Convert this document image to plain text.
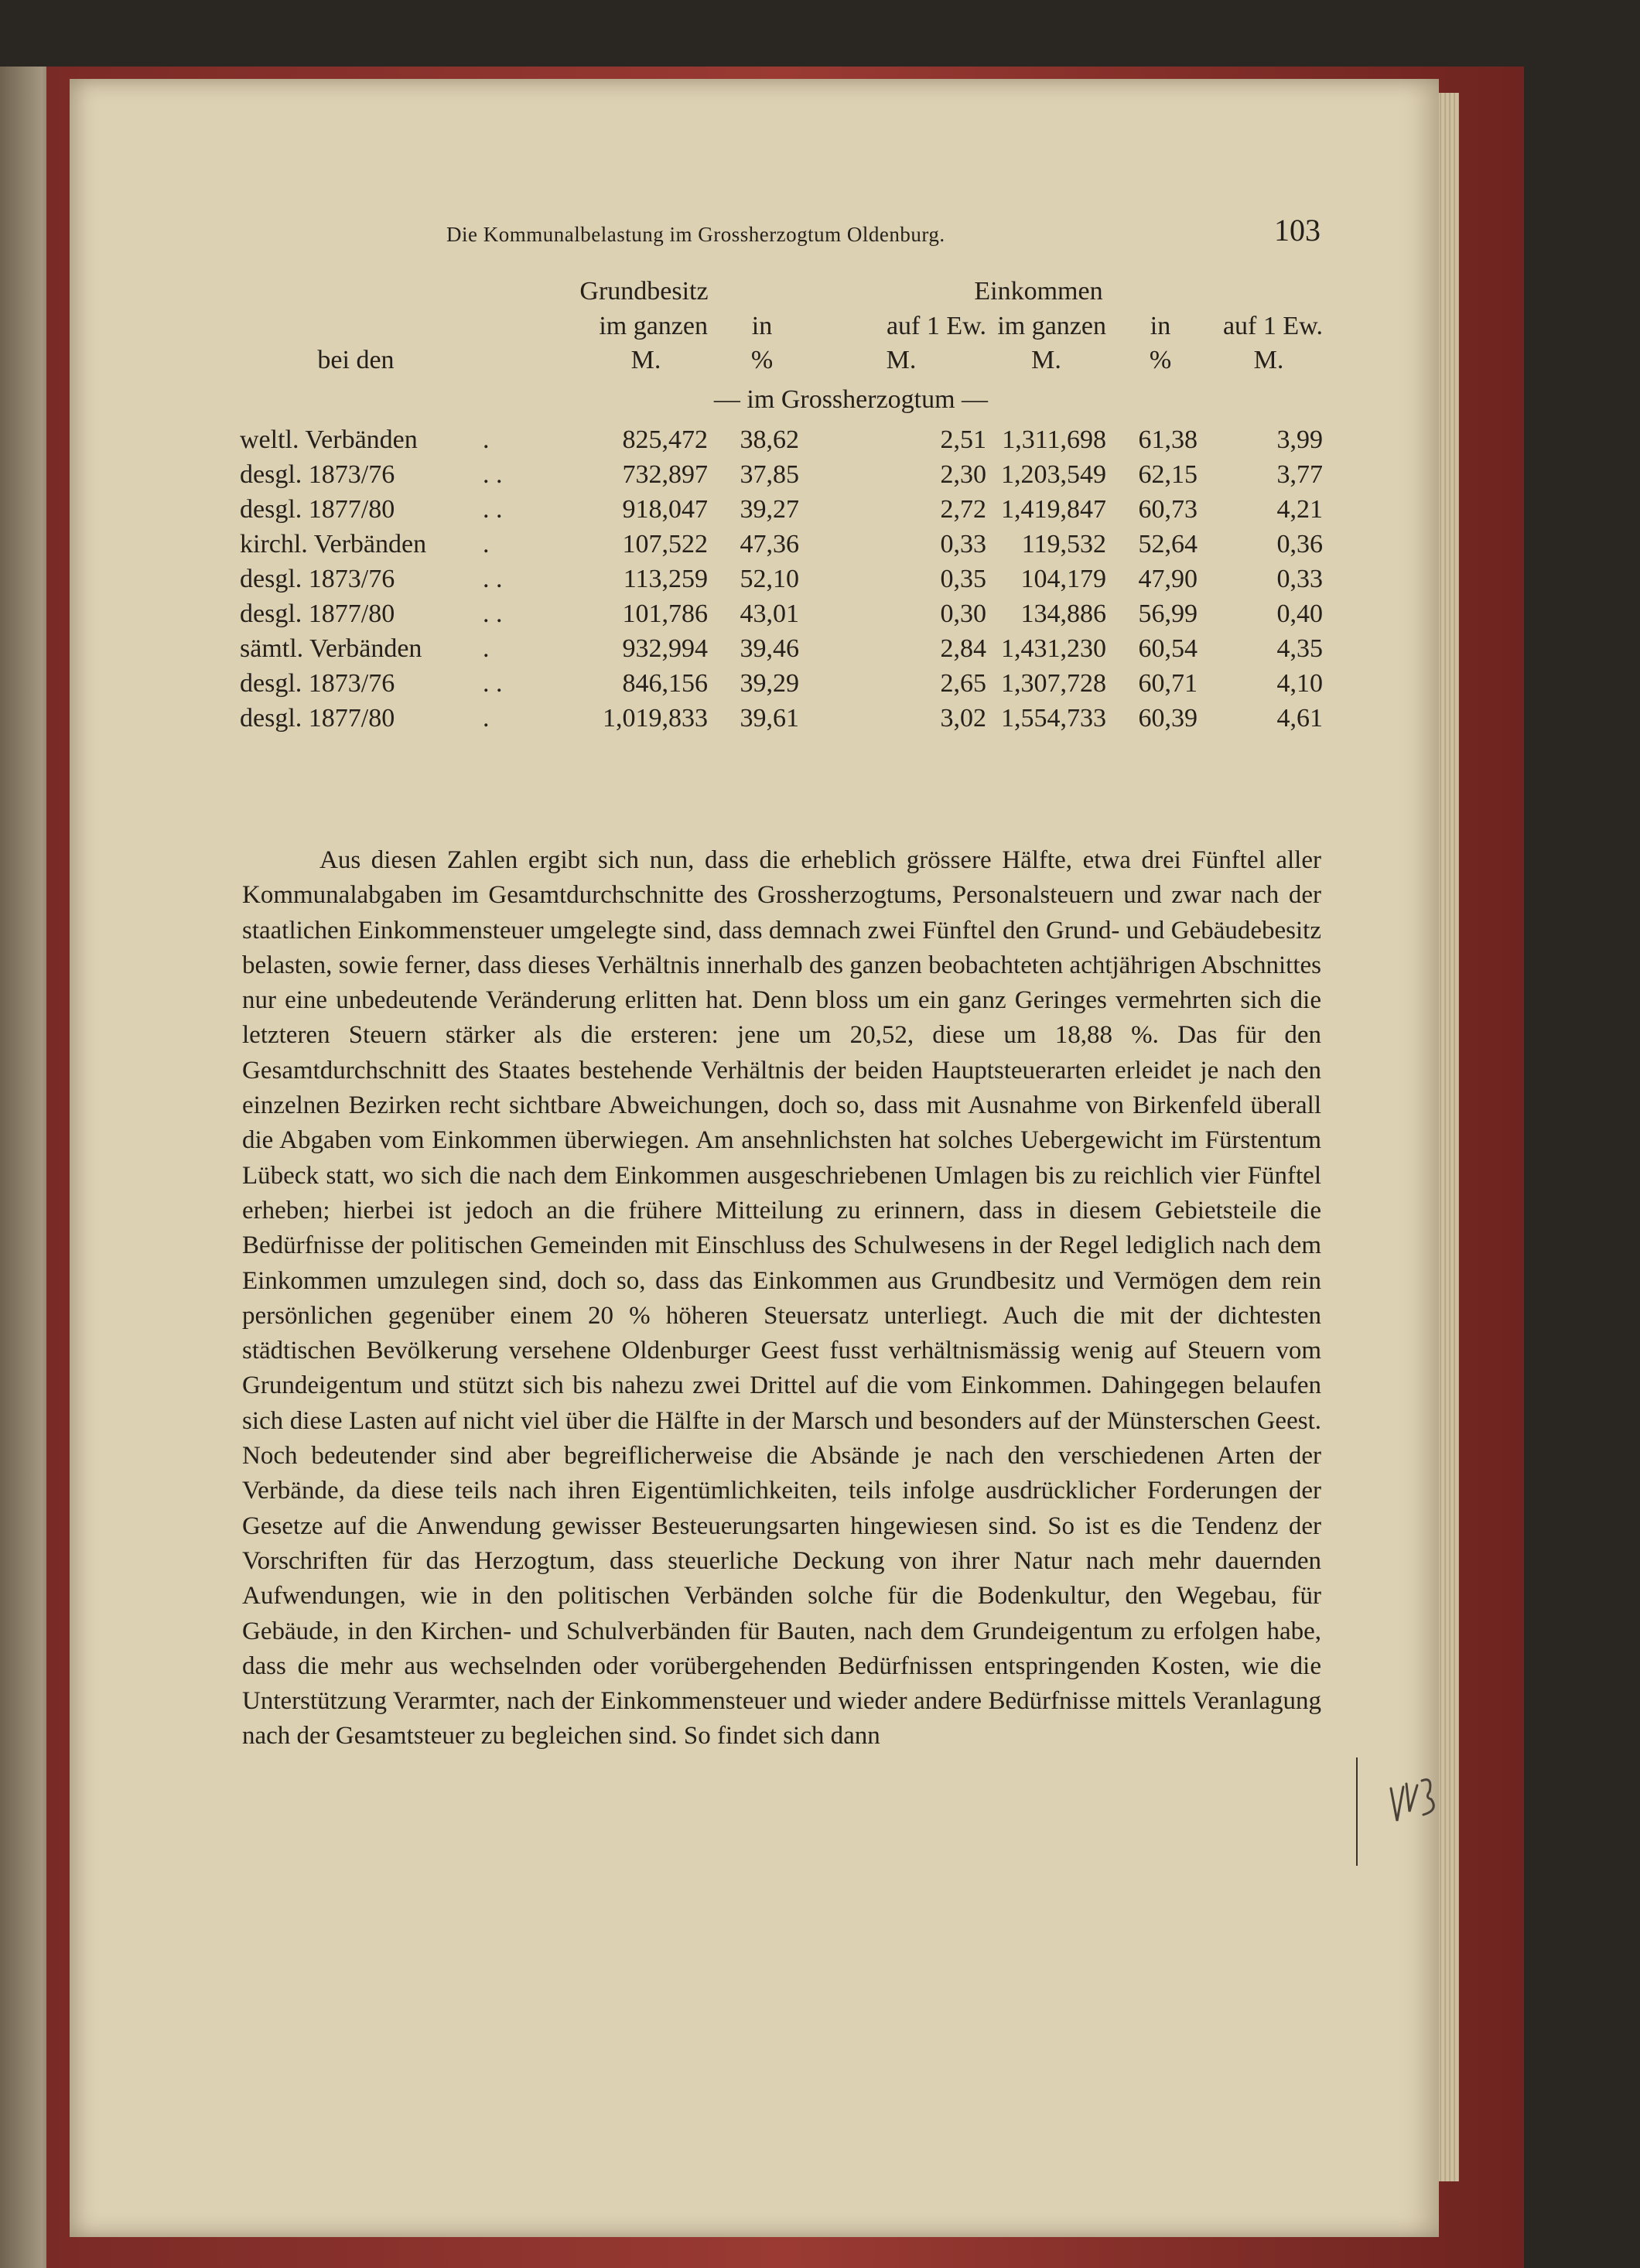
Die Kommunalbelastung im Grossherzogtum Oldenburg.	103
	Grundbesitz			Einkommen			
		im ganzen	in	auf 1 Ew.	im ganzen	in	auf 1 Ew.
bei den		M.	%	M.	M.	%	M.
	— im Grossherzogtum —						
weltl. Verbänden	.	825,472	38,62	2,51	1,311,698	61,38	3,99
desgl. 1873/76	. .	732,897	37,85	2,30	1,203,549	62,15	3,77
desgl. 1877/80	. .	918,047	39,27	2,72	1,419,847	60,73	4,21
kirchl. Verbänden	.	107,522	47,36	0,33	119,532	52,64	0,36
desgl. 1873/76	. .	113,259	52,10	0,35	104,179	47,90	0,33
desgl. 1877/80	. .	101,786	43,01	0,30	134,886	56,99	0,40
sämtl. Verbänden	.	932,994	39,46	2,84	1,431,230	60,54	4,35
desgl. 1873/76	. .	846,156	39,29	2,65	1,307,728	60,71	4,10
desgl. 1877/80	.	1,019,833	39,61	3,02	1,554,733	60,39	4,61

Aus diesen Zahlen ergibt sich nun, dass die erheblich grössere Hälfte, etwa drei Fünftel aller Kommunalabgaben im Gesamtdurchschnitte des Grossherzogtums, Personalsteuern und zwar nach der staatlichen Einkommensteuer umgelegte sind, dass demnach zwei Fünftel den Grund- und Gebäudebesitz belasten, sowie ferner, dass dieses Verhältnis innerhalb des ganzen beobachteten achtjährigen Abschnittes nur eine unbedeutende Veränderung erlitten hat. Denn bloss um ein ganz Geringes vermehrten sich die letzteren Steuern stärker als die ersteren: jene um 20,52, diese um 18,88 %. Das für den Gesamtdurchschnitt des Staates bestehende Verhältnis der beiden Hauptsteuerarten erleidet je nach den einzelnen Bezirken recht sichtbare Abweichungen, doch so, dass mit Ausnahme von Birkenfeld überall die Abgaben vom Einkommen überwiegen. Am ansehnlichsten hat solches Uebergewicht im Fürstentum Lübeck statt, wo sich die nach dem Einkommen ausgeschriebenen Umlagen bis zu reichlich vier Fünftel erheben; hierbei ist jedoch an die frühere Mitteilung zu erinnern, dass in diesem Gebietsteile die Bedürfnisse der politischen Gemeinden mit Einschluss des Schulwesens in der Regel lediglich nach dem Einkommen umzulegen sind, doch so, dass das Einkommen aus Grundbesitz und Vermögen dem rein persönlichen gegenüber einem 20 % höheren Steuersatz unterliegt. Auch die mit der dichtesten städtischen Bevölkerung versehene Oldenburger Geest fusst verhältnismässig wenig auf Steuern vom Grundeigentum und stützt sich bis nahezu zwei Drittel auf die vom Einkommen. Dahingegen belaufen sich diese Lasten auf nicht viel über die Hälfte in der Marsch und besonders auf der Münsterschen Geest. Noch bedeutender sind aber begreiflicherweise die Absände je nach den verschiedenen Arten der Verbände, da diese teils nach ihren Eigentümlichkeiten, teils infolge ausdrücklicher Forderungen der Gesetze auf die Anwendung gewisser Besteuerungsarten hingewiesen sind. So ist es die Tendenz der Vorschriften für das Herzogtum, dass steuerliche Deckung von ihrer Natur nach mehr dauernden Aufwendungen, wie in den politischen Verbänden solche für die Bodenkultur, den Wegebau, für Gebäude, in den Kirchen- und Schulverbänden für Bauten, nach dem Grundeigentum zu erfolgen habe, dass die mehr aus wechselnden oder vorübergehenden Bedürfnissen entspringenden Kosten, wie die Unterstützung Verarmter, nach der Einkommensteuer und wieder andere Bedürfnisse mittels Veranlagung nach der Gesamtsteuer zu begleichen sind. So findet sich dann
